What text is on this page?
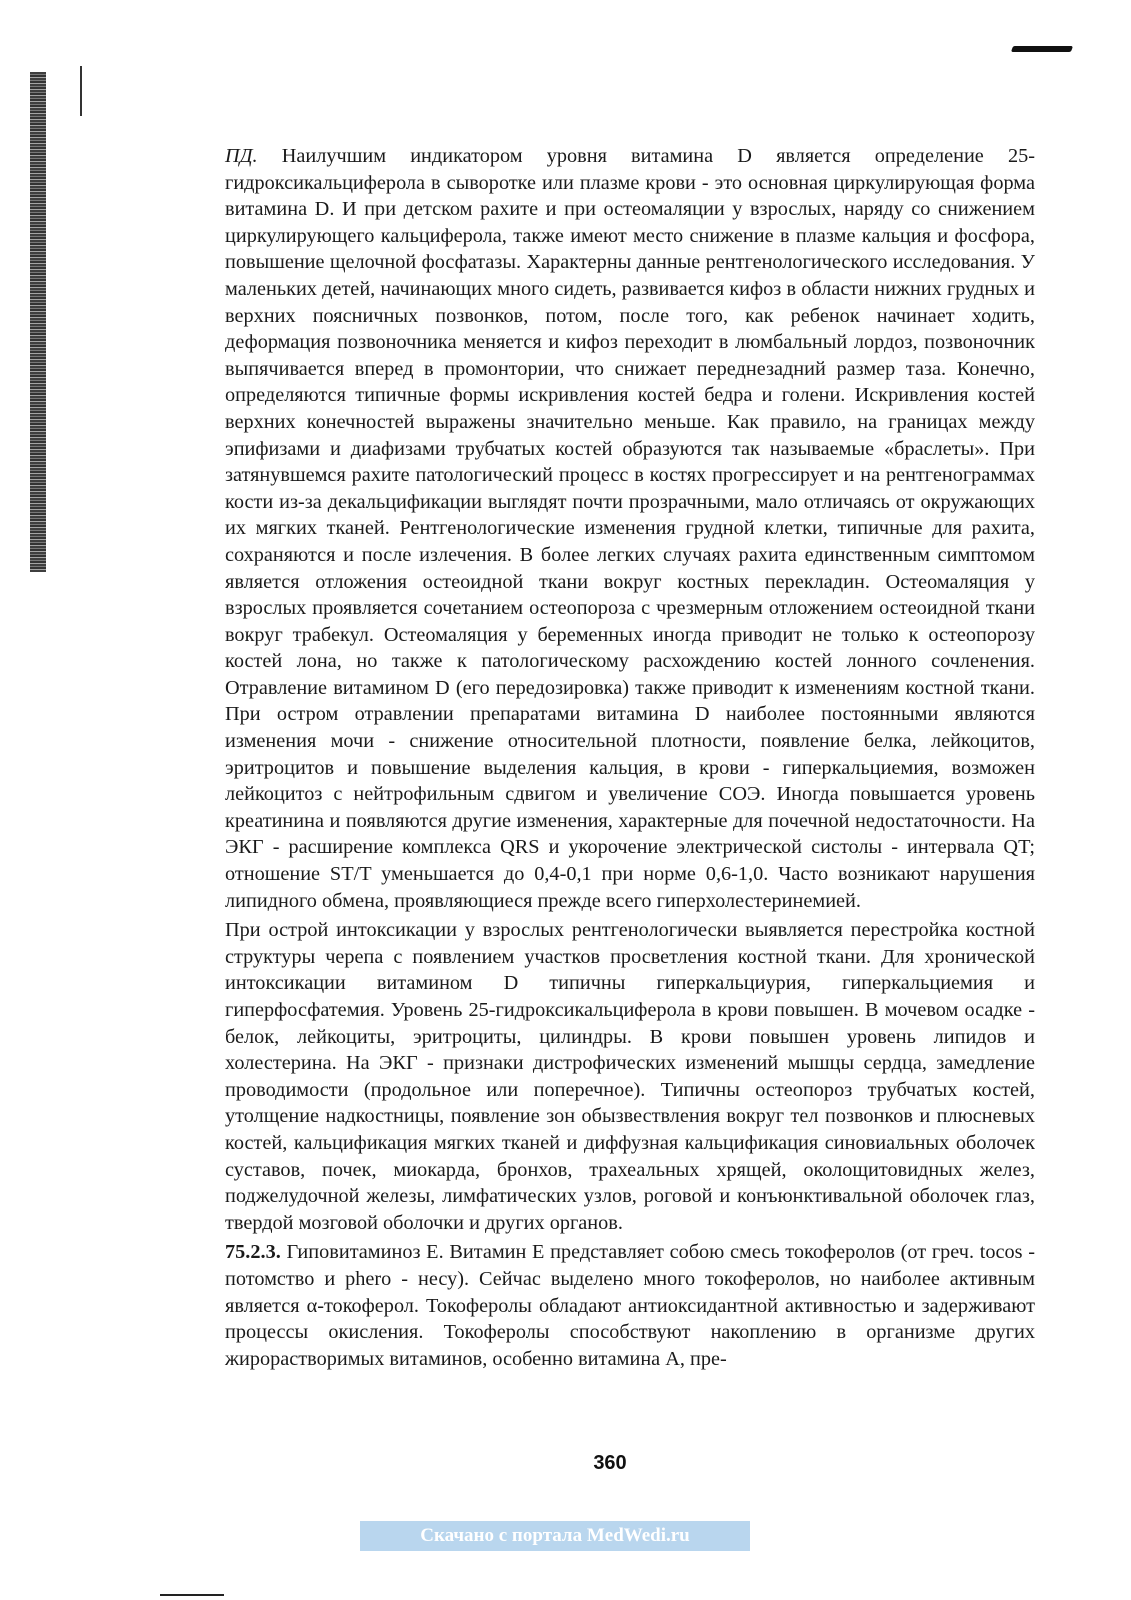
ПД. Наилучшим индикатором уровня витамина D является определение 25-гидроксикальциферола в сыворотке или плазме крови - это основная циркулирующая форма витамина D. И при детском рахите и при остеомаляции у взрослых, наряду со снижением циркулирующего кальциферола, также имеют место снижение в плазме кальция и фосфора, повышение щелочной фосфатазы. Характерны данные рентгенологического исследования. У маленьких детей, начинающих много сидеть, развивается кифоз в области нижних грудных и верхних поясничных позвонков, потом, после того, как ребенок начинает ходить, деформация позвоночника меняется и кифоз переходит в люмбальный лордоз, позвоночник выпячивается вперед в промонтории, что снижает переднезадний размер таза. Конечно, определяются типичные формы искривления костей бедра и голени. Искривления костей верхних конечностей выражены значительно меньше. Как правило, на границах между эпифизами и диафизами трубчатых костей образуются так называемые «браслеты». При затянувшемся рахите патологический процесс в костях прогрессирует и на рентгенограммах кости из-за декальцификации выглядят почти прозрачными, мало отличаясь от окружающих их мягких тканей. Рентгенологические изменения грудной клетки, типичные для рахита, сохраняются и после излечения. В более легких случаях рахита единственным симптомом является отложения остеоидной ткани вокруг костных перекладин. Остеомаляция у взрослых проявляется сочетанием остеопороза с чрезмерным отложением остеоидной ткани вокруг трабекул. Остеомаляция у беременных иногда приводит не только к остеопорозу костей лона, но также к патологическому расхождению костей лонного сочленения. Отравление витамином D (его передозировка) также приводит к изменениям костной ткани. При остром отравлении препаратами витамина D наиболее постоянными являются изменения мочи - снижение относительной плотности, появление белка, лейкоцитов, эритроцитов и повышение выделения кальция, в крови - гиперкальциемия, возможен лейкоцитоз с нейтрофильным сдвигом и увеличение СОЭ. Иногда повышается уровень креатинина и появляются другие изменения, характерные для почечной недостаточности. На ЭКГ - расширение комплекса QRS и укорочение электрической систолы - интервала QT; отношение ST/T уменьшается до 0,4-0,1 при норме 0,6-1,0. Часто возникают нарушения липидного обмена, проявляющиеся прежде всего гиперхолестеринемией.

При острой интоксикации у взрослых рентгенологически выявляется перестройка костной структуры черепа с появлением участков просветления костной ткани. Для хронической интоксикации витамином D типичны гиперкальциурия, гиперкальциемия и гиперфосфатемия. Уровень 25-гидроксикальциферола в крови повышен. В мочевом осадке - белок, лейкоциты, эритроциты, цилиндры. В крови повышен уровень липидов и холестерина. На ЭКГ - признаки дистрофических изменений мышцы сердца, замедление проводимости (продольное или поперечное). Типичны остеопороз трубчатых костей, утолщение надкостницы, появление зон обызвествления вокруг тел позвонков и плюсневых костей, кальцификация мягких тканей и диффузная кальцификация синовиальных оболочек суставов, почек, миокарда, бронхов, трахеальных хрящей, околощитовидных желез, поджелудочной железы, лимфатических узлов, роговой и конъюнктивальной оболочек глаз, твердой мозговой оболочки и других органов.

75.2.3. Гиповитаминоз Е. Витамин Е представляет собою смесь токоферолов (от греч. tocos - потомство и phero - несу). Сейчас выделено много токоферолов, но наиболее активным является α-токоферол. Токоферолы обладают антиоксидантной активностью и задерживают процессы окисления. Токоферолы способствуют накоплению в организме других жирорастворимых витаминов, особенно витамина А, пре-

360
Скачано с портала MedWedi.ru
